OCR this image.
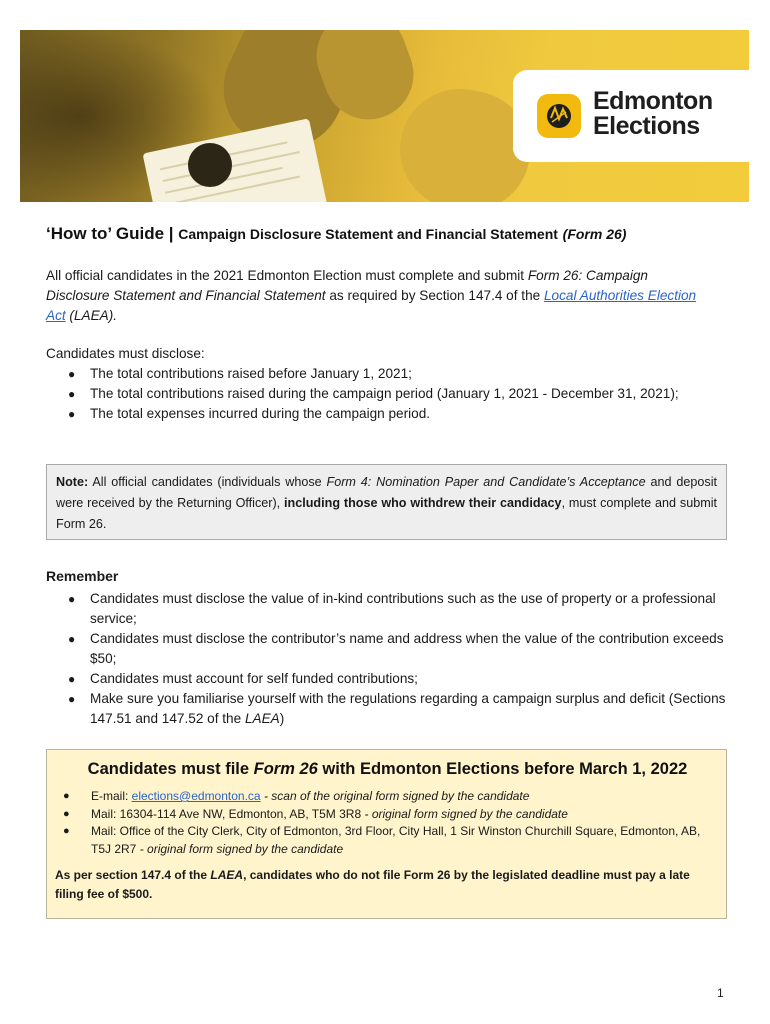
Edmonton
Elections
‘How to’ Guide | Campaign Disclosure Statement and Financial Statement (Form 26)
All official candidates in the 2021 Edmonton Election must complete and submit Form 26: Campaign Disclosure Statement and Financial Statement as required by Section 147.4 of the Local Authorities Election Act (LAEA).
Candidates must disclose:
● The total contributions raised before January 1, 2021;
● The total contributions raised during the campaign period (January 1, 2021 - December 31, 2021);
● The total expenses incurred during the campaign period.
Note: All official candidates (individuals whose Form 4: Nomination Paper and Candidate’s Acceptance and deposit were received by the Returning Officer), including those who withdrew their candidacy, must complete and submit Form 26.
Remember
● Candidates must disclose the value of in-kind contributions such as the use of property or a professional service;
● Candidates must disclose the contributor’s name and address when the value of the contribution exceeds $50;
● Candidates must account for self funded contributions;
● Make sure you familiarise yourself with the regulations regarding a campaign surplus and deficit (Sections 147.51 and 147.52 of the LAEA)
Candidates must file Form 26 with Edmonton Elections before March 1, 2022
● E-mail: elections@edmonton.ca - scan of the original form signed by the candidate
● Mail: 16304-114 Ave NW, Edmonton, AB, T5M 3R8 - original form signed by the candidate
● Mail: Office of the City Clerk, City of Edmonton, 3rd Floor, City Hall, 1 Sir Winston Churchill Square, Edmonton, AB, T5J 2R7 - original form signed by the candidate
As per section 147.4 of the LAEA, candidates who do not file Form 26 by the legislated deadline must pay a late filing fee of $500.
1
